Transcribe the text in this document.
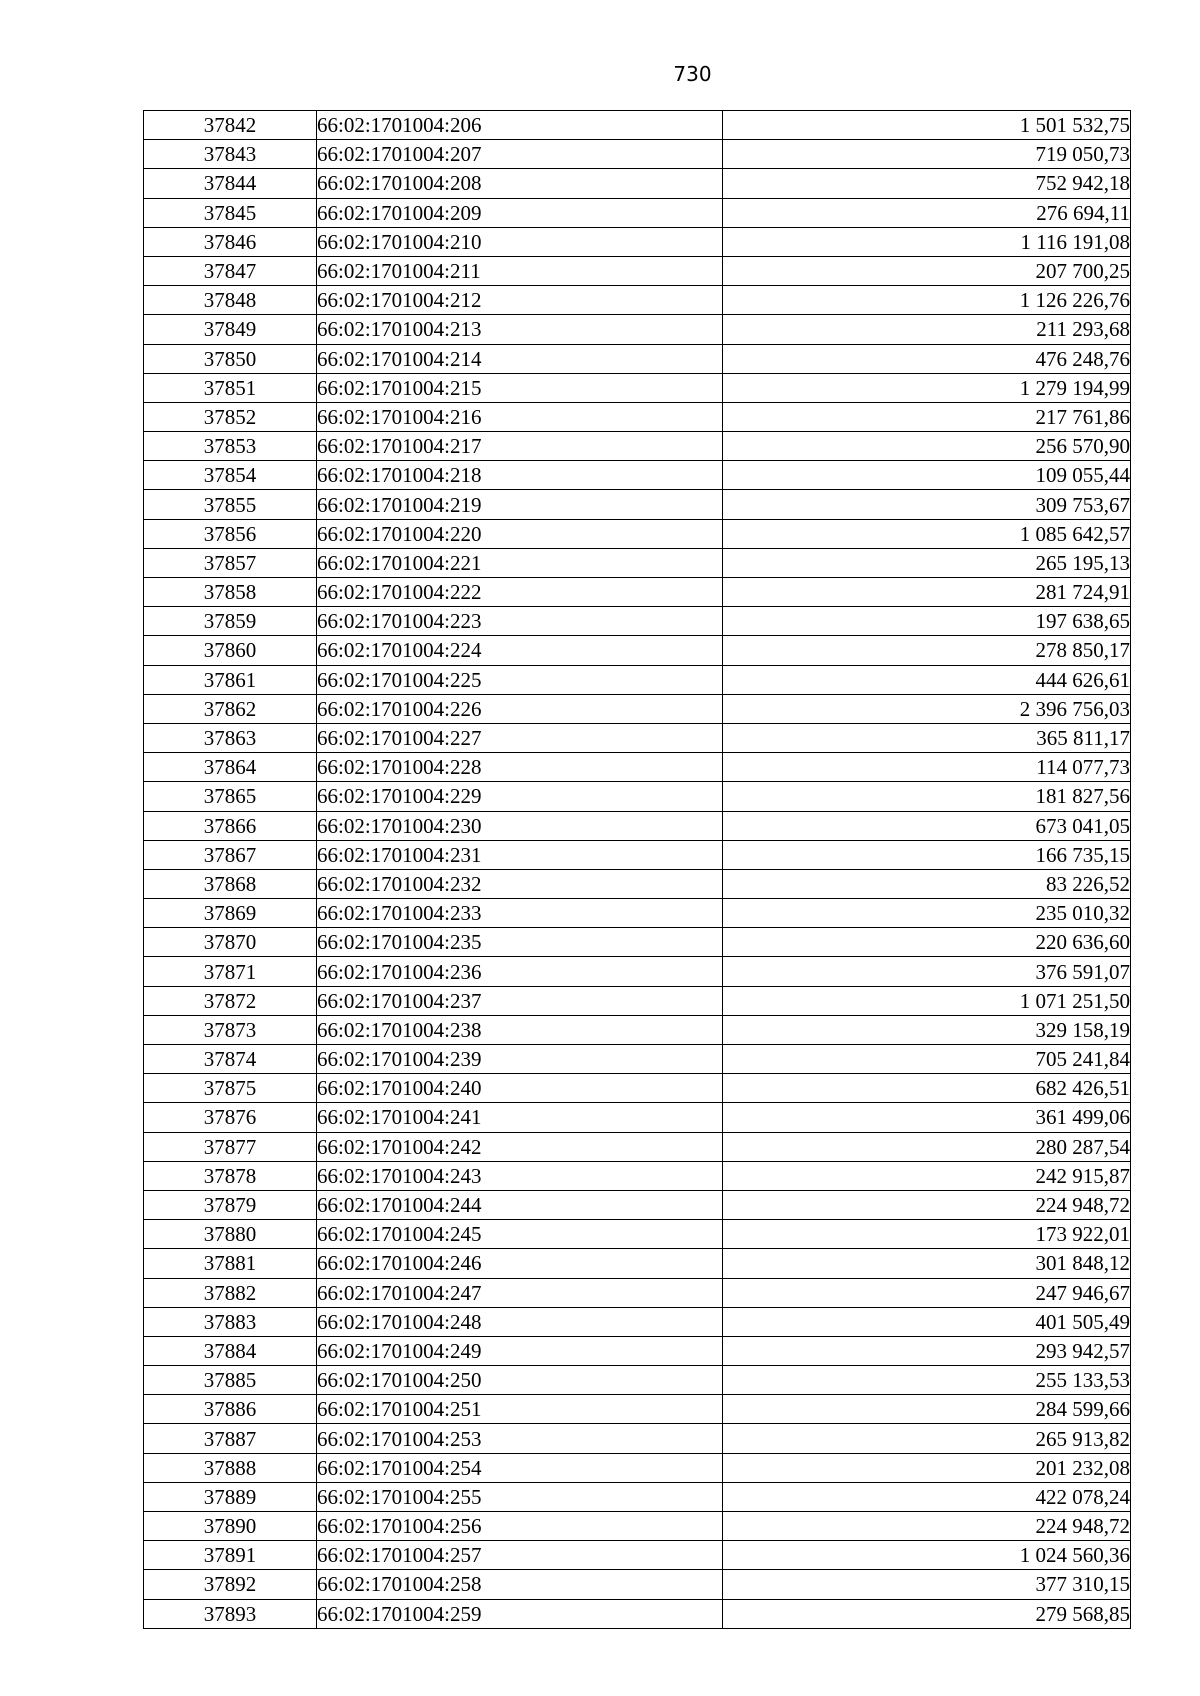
730
37842	66:02:1701004:206	1 501 532,75
37843	66:02:1701004:207	719 050,73
37844	66:02:1701004:208	752 942,18
37845	66:02:1701004:209	276 694,11
37846	66:02:1701004:210	1 116 191,08
37847	66:02:1701004:211	207 700,25
37848	66:02:1701004:212	1 126 226,76
37849	66:02:1701004:213	211 293,68
37850	66:02:1701004:214	476 248,76
37851	66:02:1701004:215	1 279 194,99
37852	66:02:1701004:216	217 761,86
37853	66:02:1701004:217	256 570,90
37854	66:02:1701004:218	109 055,44
37855	66:02:1701004:219	309 753,67
37856	66:02:1701004:220	1 085 642,57
37857	66:02:1701004:221	265 195,13
37858	66:02:1701004:222	281 724,91
37859	66:02:1701004:223	197 638,65
37860	66:02:1701004:224	278 850,17
37861	66:02:1701004:225	444 626,61
37862	66:02:1701004:226	2 396 756,03
37863	66:02:1701004:227	365 811,17
37864	66:02:1701004:228	114 077,73
37865	66:02:1701004:229	181 827,56
37866	66:02:1701004:230	673 041,05
37867	66:02:1701004:231	166 735,15
37868	66:02:1701004:232	83 226,52
37869	66:02:1701004:233	235 010,32
37870	66:02:1701004:235	220 636,60
37871	66:02:1701004:236	376 591,07
37872	66:02:1701004:237	1 071 251,50
37873	66:02:1701004:238	329 158,19
37874	66:02:1701004:239	705 241,84
37875	66:02:1701004:240	682 426,51
37876	66:02:1701004:241	361 499,06
37877	66:02:1701004:242	280 287,54
37878	66:02:1701004:243	242 915,87
37879	66:02:1701004:244	224 948,72
37880	66:02:1701004:245	173 922,01
37881	66:02:1701004:246	301 848,12
37882	66:02:1701004:247	247 946,67
37883	66:02:1701004:248	401 505,49
37884	66:02:1701004:249	293 942,57
37885	66:02:1701004:250	255 133,53
37886	66:02:1701004:251	284 599,66
37887	66:02:1701004:253	265 913,82
37888	66:02:1701004:254	201 232,08
37889	66:02:1701004:255	422 078,24
37890	66:02:1701004:256	224 948,72
37891	66:02:1701004:257	1 024 560,36
37892	66:02:1701004:258	377 310,15
37893	66:02:1701004:259	279 568,85
